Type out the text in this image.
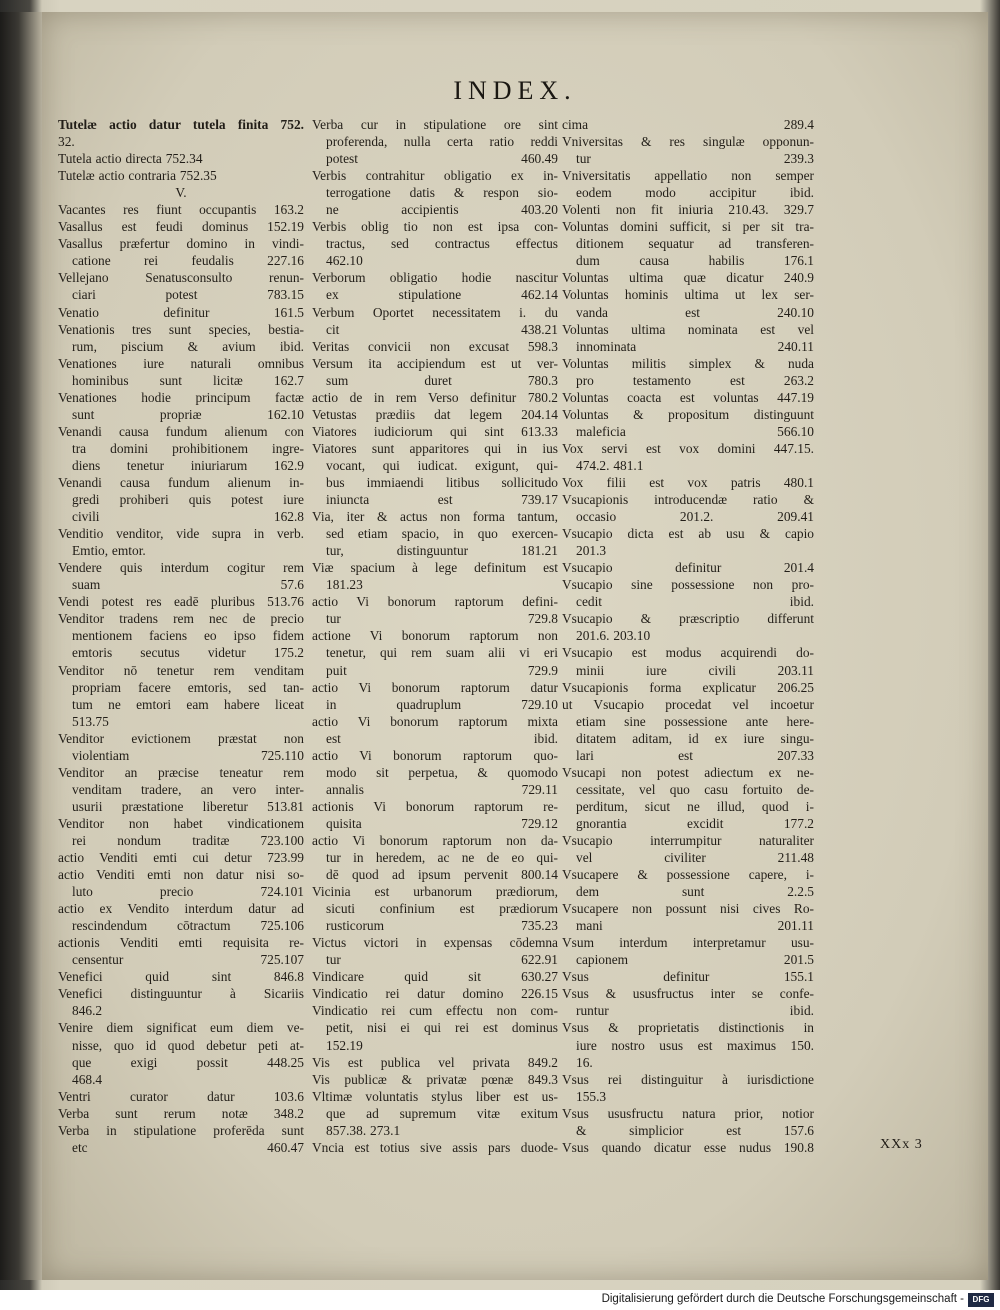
INDEX.

Tutelæ actio datur tutela finita 752.

32.

Tutela actio directa 752.34

Tutelæ actio contraria 752.35

V.

Vacantes res fiunt occupantis 163.2

Vasallus est feudi dominus 152.19

Vasallus præfertur domino in vindi-

catione rei feudalis 227.16

Vellejano Senatusconsulto renun-

ciari potest 783.15

Venatio definitur 161.5

Venationis tres sunt species, bestia-

rum, piscium & avium ibid.

Venationes iure naturali omnibus

hominibus sunt licitæ 162.7

Venationes hodie principum factæ

sunt propriæ 162.10

Venandi causa fundum alienum con

tra domini prohibitionem ingre-

diens tenetur iniuriarum 162.9

Venandi causa fundum alienum in-

gredi prohiberi quis potest iure

civili 162.8

Venditio venditor, vide supra in verb.

Emtio, emtor.

Vendere quis interdum cogitur rem

suam 57.6

Vendi potest res eadē pluribus 513.76

Venditor tradens rem nec de precio

mentionem faciens eo ipso fidem

emtoris secutus videtur 175.2

Venditor nō tenetur rem venditam

propriam facere emtoris, sed tan-

tum ne emtori eam habere liceat

513.75

Venditor evictionem præstat non

violentiam 725.110

Venditor an præcise teneatur rem

venditam tradere, an vero inter-

usurii præstatione liberetur 513.81

Venditor non habet vindicationem

rei nondum traditæ 723.100

actio Venditi emti cui detur 723.99

actio Venditi emti non datur nisi so-

luto precio 724.101

actio ex Vendito interdum datur ad

rescindendum cōtractum 725.106

actionis Venditi emti requisita re-

censentur 725.107

Venefici quid sint 846.8

Venefici distinguuntur à Sicariis

846.2

Venire diem significat eum diem ve-

nisse, quo id quod debetur peti at-

que exigi possit 448.25

468.4

Ventri curator datur 103.6

Verba sunt rerum notæ 348.2

Verba in stipulatione proferēda sunt

etc 460.47

Verba cur in stipulatione ore sint

proferenda, nulla certa ratio reddi

potest 460.49

Verbis contrahitur obligatio ex in-

terrogatione datis & respon sio-

ne accipientis 403.20

Verbis oblig tio non est ipsa con-

tractus, sed contractus effectus

462.10

Verborum obligatio hodie nascitur

ex stipulatione 462.14

Verbum Oportet necessitatem i. du

cit 438.21

Veritas convicii non excusat 598.3

Versum ita accipiendum est ut ver-

sum duret 780.3

actio de in rem Verso definitur 780.2

Vetustas prædiis dat legem 204.14

Viatores iudiciorum qui sint 613.33

Viatores sunt apparitores qui in ius

vocant, qui iudicat. exigunt, qui-

bus immiaendi litibus sollicitudo

iniuncta est 739.17

Via, iter & actus non forma tantum,

sed etiam spacio, in quo exercen-

tur, distinguuntur 181.21

Viæ spacium à lege definitum est

181.23

actio Vi bonorum raptorum defini-

tur 729.8

actione Vi bonorum raptorum non

tenetur, qui rem suam alii vi eri

puit 729.9

actio Vi bonorum raptorum datur

in quadruplum 729.10

actio Vi bonorum raptorum mixta

est ibid.

actio Vi bonorum raptorum quo-

modo sit perpetua, & quomodo

annalis 729.11

actionis Vi bonorum raptorum re-

quisita 729.12

actio Vi bonorum raptorum non da-

tur in heredem, ac ne de eo qui-

dē quod ad ipsum pervenit 800.14

Vicinia est urbanorum prædiorum,

sicuti confinium est prædiorum

rusticorum 735.23

Victus victori in expensas cōdemna

tur 622.91

Vindicare quid sit 630.27

Vindicatio rei datur domino 226.15

Vindicatio rei cum effectu non com-

petit, nisi ei qui rei est dominus

152.19

Vis est publica vel privata 849.2

Vis publicæ & privatæ pœnæ 849.3

Vltimæ voluntatis stylus liber est us-

que ad supremum vitæ exitum

857.38. 273.1

Vncia est totius sive assis pars duode-

cima 289.4

Vniversitas & res singulæ opponun-

tur 239.3

Vniversitatis appellatio non semper

eodem modo accipitur ibid.

Volenti non fit iniuria 210.43. 329.7

Voluntas domini sufficit, si per sit tra-

ditionem sequatur ad transferen-

dum causa habilis 176.1

Voluntas ultima quæ dicatur 240.9

Voluntas hominis ultima ut lex ser-

vanda est 240.10

Voluntas ultima nominata est vel

innominata 240.11

Voluntas militis simplex & nuda

pro testamento est 263.2

Voluntas coacta est voluntas 447.19

Voluntas & propositum distinguunt

maleficia 566.10

Vox servi est vox domini 447.15.

474.2. 481.1

Vox filii est vox patris 480.1

Vsucapionis introducendæ ratio &

occasio 201.2. 209.41

Vsucapio dicta est ab usu & capio

201.3

Vsucapio definitur 201.4

Vsucapio sine possessione non pro-

cedit ibid.

Vsucapio & præscriptio differunt

201.6. 203.10

Vsucapio est modus acquirendi do-

minii iure civili 203.11

Vsucapionis forma explicatur 206.25

ut Vsucapio procedat vel incoetur

etiam sine possessione ante here-

ditatem aditam, id ex iure singu-

lari est 207.33

Vsucapi non potest adiectum ex ne-

cessitate, vel quo casu fortuito de-

perditum, sicut ne illud, quod i-

gnorantia excidit 177.2

Vsucapio interrumpitur naturaliter

vel civiliter 211.48

Vsucapere & possessione capere, i-

dem sunt 2.2.5

Vsucapere non possunt nisi cives Ro-

mani 201.11

Vsum interdum interpretamur usu-

capionem 201.5

Vsus definitur 155.1

Vsus & ususfructus inter se confe-

runtur ibid.

Vsus & proprietatis distinctionis in

iure nostro usus est maximus 150.

16.

Vsus rei distinguitur à iurisdictione

155.3

Vsus ususfructu natura prior, notior

& simplicior est 157.6

Vsus quando dicatur esse nudus 190.8	XXx 3
Digitalisierung gefördert durch die Deutsche Forschungsgemeinschaft -	DFG
